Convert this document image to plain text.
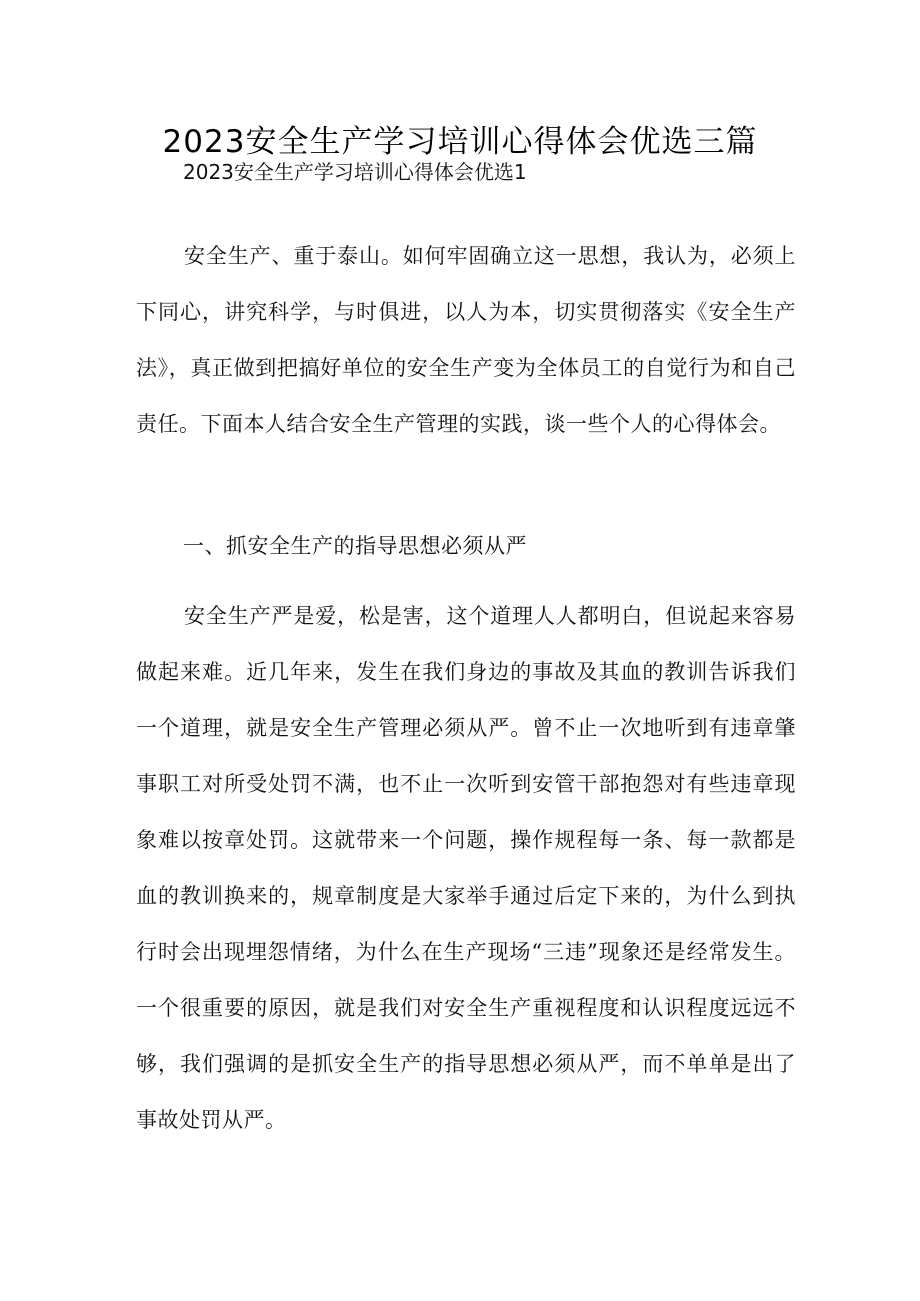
2023安全生产学习培训心得体会优选三篇

2023安全生产学习培训心得体会优选1

安全生产、重于泰山。如何牢固确立这一思想，我认为，必须上下同心，讲究科学，与时俱进，以人为本，切实贯彻落实《安全生产法》，真正做到把搞好单位的安全生产变为全体员工的自觉行为和自己责任。下面本人结合安全生产管理的实践，谈一些个人的心得体会。

一、抓安全生产的指导思想必须从严

安全生产严是爱，松是害，这个道理人人都明白，但说起来容易做起来难。近几年来，发生在我们身边的事故及其血的教训告诉我们一个道理，就是安全生产管理必须从严。曾不止一次地听到有违章肇事职工对所受处罚不满，也不止一次听到安管干部抱怨对有些违章现象难以按章处罚。这就带来一个问题，操作规程每一条、每一款都是血的教训换来的，规章制度是大家举手通过后定下来的，为什么到执行时会出现埋怨情绪，为什么在生产现场“三违”现象还是经常发生。一个很重要的原因，就是我们对安全生产重视程度和认识程度远远不够，我们强调的是抓安全生产的指导思想必须从严，而不单单是出了事故处罚从严。
